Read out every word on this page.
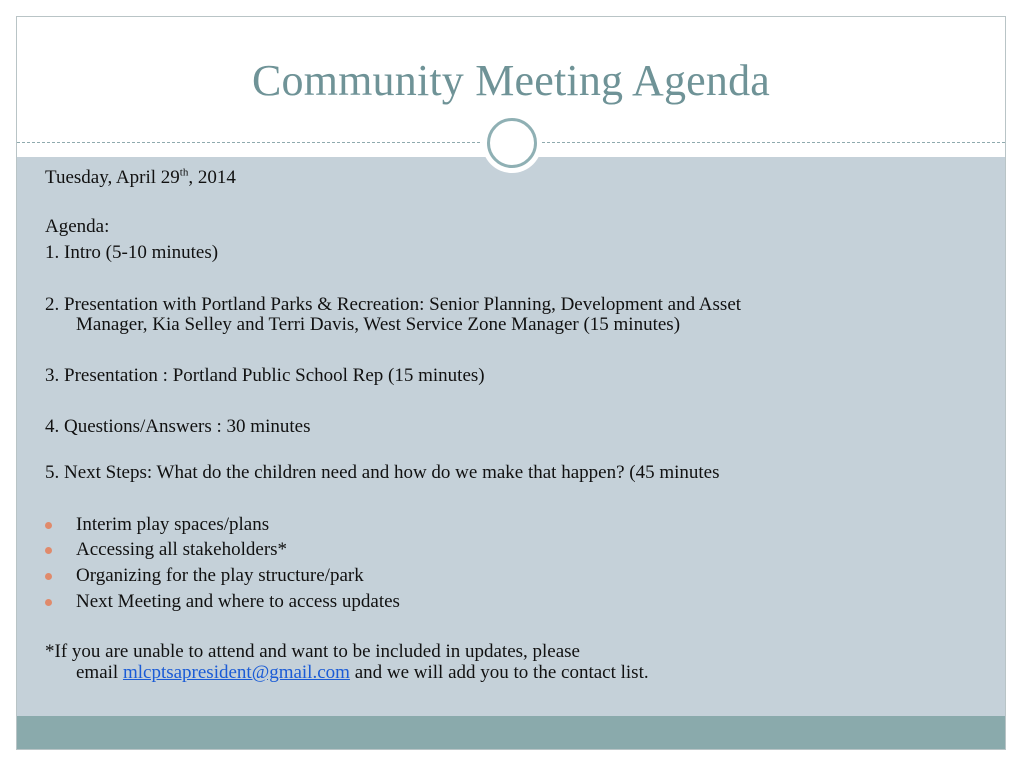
Community Meeting Agenda
Tuesday, April 29th, 2014
Agenda:
1. Intro (5-10 minutes)
2. Presentation with Portland Parks & Recreation: Senior Planning, Development and Asset
Manager, Kia Selley and Terri Davis, West Service Zone Manager (15 minutes)
3. Presentation : Portland Public School Rep (15 minutes)
4. Questions/Answers : 30 minutes
5. Next Steps: What do the children need and how do we make that happen? (45 minutes
Interim play spaces/plans
Accessing all stakeholders*
Organizing for the play structure/park
Next Meeting and where to access updates
*If you are unable to attend and want to be included in updates, please
email mlcptsapresident@gmail.com and we will add you to the contact list.
